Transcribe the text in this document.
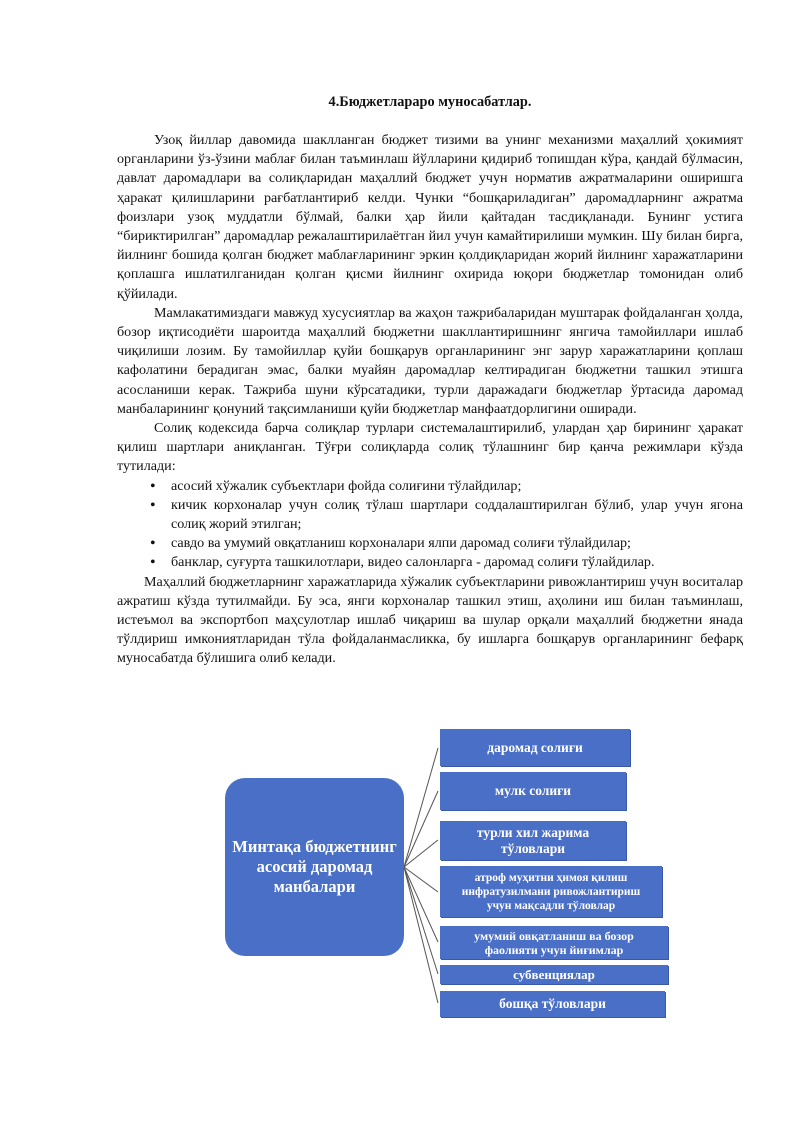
4.Бюджетлараро муносабатлар.

Узоқ йиллар давомида шаклланган бюджет тизими ва унинг механизми маҳаллий ҳокимият органларини ўз-ўзини маблағ билан таъминлаш йўлларини қидириб топишдан кўра, қандай бўлмасин, давлат даромадлари ва солиқларидан маҳаллий бюджет учун норматив ажратмаларини оширишга ҳаракат қилишларини рағбатлантириб келди. Чунки “бошқариладиган” даромадларнинг ажратма фоизлари узоқ муддатли бўлмай, балки ҳар йили қайтадан тасдиқланади. Бунинг устига “бириктирилган” даромадлар режалаштирилаётган йил учун камайтирилиши мумкин. Шу билан бирга, йилнинг бошида қолган бюджет маблағларининг эркин қолдиқларидан жорий йилнинг харажатларини қоплашга ишлатилганидан қолган қисми йилнинг охирида юқори бюджетлар томонидан олиб қўйилади.

Мамлакатимиздаги мавжуд хусусиятлар ва жаҳон тажрибаларидан муштарак фойдаланган ҳолда, бозор иқтисодиёти шароитда маҳаллий бюджетни шакллантиришнинг янгича тамойиллари ишлаб чиқилиши лозим. Бу тамойиллар қуйи бошқарув органларининг энг зарур харажатларини қоплаш кафолатини берадиган эмас, балки муайян даромадлар келтирадиган бюджетни ташкил этишга асосланиши керак. Тажриба шуни кўрсатадики, турли даражадаги бюджетлар ўртасида даромад манбаларининг қонуний тақсимланиши қуйи бюджетлар манфаатдорлигини оширади.

Солиқ кодексида барча солиқлар турлари системалаштирилиб, улардан ҳар бирининг ҳаракат қилиш шартлари аниқланган. Тўғри солиқларда солиқ тўлашнинг бир қанча режимлари кўзда тутилади:

• асосий хўжалик субъектлари фойда солиғини тўлайдилар;
• кичик корхоналар учун солиқ тўлаш шартлари соддалаштирилган бўлиб, улар учун ягона солиқ жорий этилган;
• савдо ва умумий овқатланиш корхоналари ялпи даромад солиғи тўлайдилар;
• банклар, суғурта ташкилотлари, видео салонларга - даромад солиғи тўлайдилар.

Маҳаллий бюджетларнинг харажатларида хўжалик субъектларини ривожлантириш учун воситалар ажратиш кўзда тутилмайди. Бу эса, янги корхоналар ташкил этиш, аҳолини иш билан таъминлаш, истеъмол ва экспортбоп маҳсулотлар ишлаб чиқариш ва шулар орқали маҳаллий бюджетни янада тўлдириш имкониятларидан тўла фойдаланмасликка, бу ишларга бошқарув органларининг бефарқ муносабатда бўлишига олиб келади.

Минтақа бюджетнинг асосий даромад манбалари
даромад солиғи
мулк солиғи
турли хил жарима
тўловлари
атроф муҳитни ҳимоя қилиш
инфратузилмани ривожлантириш
учун мақсадли тўловлар
умумий овқатланиш ва бозор
фаолияти учун йиғимлар
субвенциялар
бошқа тўловлари
